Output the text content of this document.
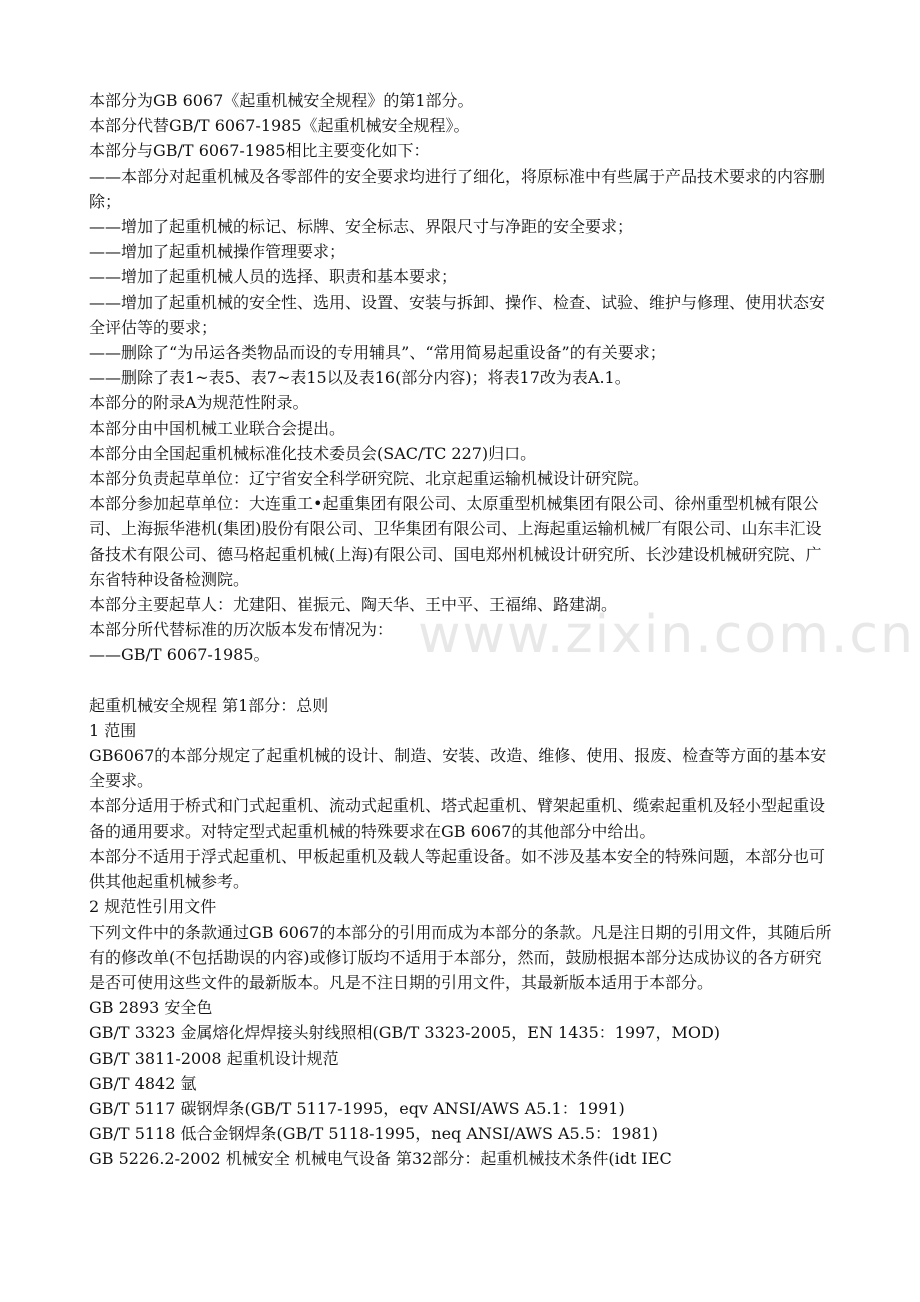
本部分为GB 6067《起重机械安全规程》的第1部分。

本部分代替GB/T 6067-1985《起重机械安全规程》。

本部分与GB/T 6067-1985相比主要变化如下：

——本部分对起重机械及各零部件的安全要求均进行了细化，将原标准中有些属于产品技术要求的内容删除；

——增加了起重机械的标记、标牌、安全标志、界限尺寸与净距的安全要求；

——增加了起重机械操作管理要求；

——增加了起重机械人员的选择、职责和基本要求；

——增加了起重机械的安全性、选用、设置、安装与拆卸、操作、检查、试验、维护与修理、使用状态安全评估等的要求；

——删除了“为吊运各类物品而设的专用辅具”、“常用简易起重设备”的有关要求；

——删除了表1~表5、表7~表15以及表16(部分内容)；将表17改为表A.1。

本部分的附录A为规范性附录。

本部分由中国机械工业联合会提出。

本部分由全国起重机械标准化技术委员会(SAC/TC 227)归口。

本部分负责起草单位：辽宁省安全科学研究院、北京起重运输机械设计研究院。

本部分参加起草单位：大连重工•起重集团有限公司、太原重型机械集团有限公司、徐州重型机械有限公司、上海振华港机(集团)股份有限公司、卫华集团有限公司、上海起重运输机械厂有限公司、山东丰汇设备技术有限公司、德马格起重机械(上海)有限公司、国电郑州机械设计研究所、长沙建设机械研究院、广东省特种设备检测院。

本部分主要起草人：尤建阳、崔振元、陶天华、王中平、王福绵、路建湖。

本部分所代替标准的历次版本发布情况为：

——GB/T 6067-1985。

起重机械安全规程 第1部分：总则

1 范围

GB6067的本部分规定了起重机械的设计、制造、安装、改造、维修、使用、报废、检查等方面的基本安全要求。

本部分适用于桥式和门式起重机、流动式起重机、塔式起重机、臂架起重机、缆索起重机及轻小型起重设备的通用要求。对特定型式起重机械的特殊要求在GB 6067的其他部分中给出。

本部分不适用于浮式起重机、甲板起重机及载人等起重设备。如不涉及基本安全的特殊问题，本部分也可供其他起重机械参考。

2 规范性引用文件

下列文件中的条款通过GB 6067的本部分的引用而成为本部分的条款。凡是注日期的引用文件，其随后所有的修改单(不包括勘误的内容)或修订版均不适用于本部分，然而，鼓励根据本部分达成协议的各方研究是否可使用这些文件的最新版本。凡是不注日期的引用文件，其最新版本适用于本部分。

GB 2893 安全色

GB/T 3323 金属熔化焊焊接头射线照相(GB/T 3323-2005，EN 1435：1997，MOD)

GB/T 3811-2008 起重机设计规范

GB/T 4842 氩

GB/T 5117 碳钢焊条(GB/T 5117-1995，eqv ANSI/AWS A5.1：1991)

GB/T 5118 低合金钢焊条(GB/T 5118-1995，neq ANSI/AWS A5.5：1981)

GB 5226.2-2002 机械安全 机械电气设备 第32部分：起重机械技术条件(idt IEC

www.zixin.com.cn
